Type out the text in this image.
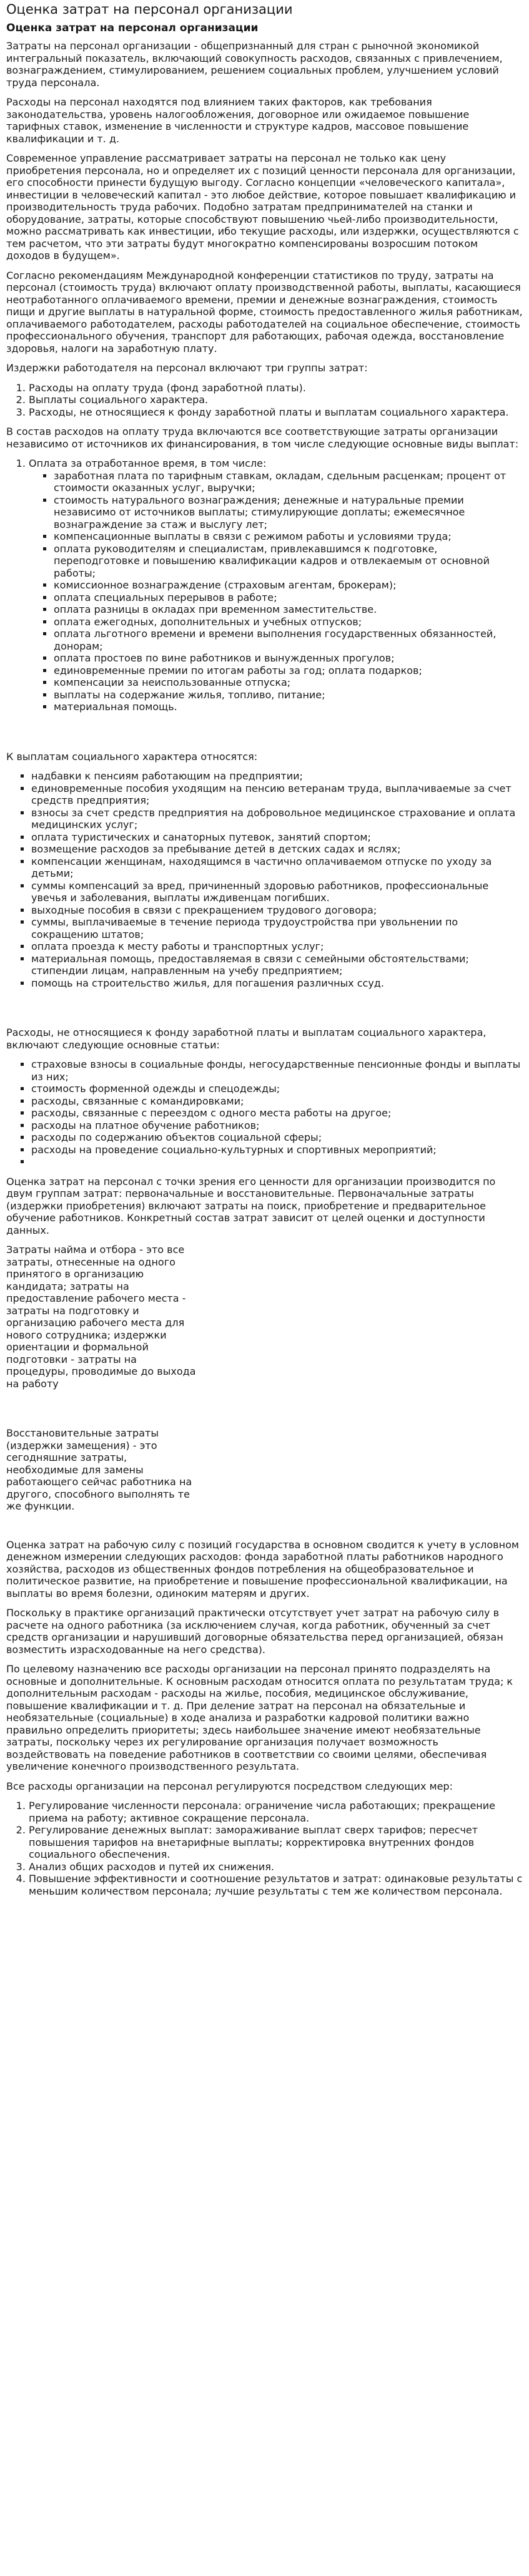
Оценка затрат на персонал организации
Оценка затрат на персонал организации

Затраты на персонал организации - общепризнанный для стран с рыночной экономикой интегральный показатель, включающий совокупность расходов, связанных с привлечением, вознаграждением, стимулированием, решением социальных проблем, улучшением условий труда персонала.

Расходы на персонал находятся под влиянием таких факторов, как требования законодательства, уровень налогообложения, договорное или ожидаемое повышение тарифных ставок, изменение в численности и структуре кадров, массовое повышение квалификации и т. д.

Современное управление рассматривает затраты на персонал не только как цену приобретения персонала, но и определяет их с позиций ценности персонала для организации, его способности принести будущую выгоду. Согласно концепции «человеческого капитала», инвестиции в человеческий капитал - это любое действие, которое повышает квалификацию и производительность труда рабочих. Подобно затратам предпринимателей на станки и оборудование, затраты, которые способствуют повышению чьей-либо производительности, можно рассматривать как инвестиции, ибо текущие расходы, или издержки, осуществляются с тем расчетом, что эти затраты будут многократно компенсированы возросшим потоком доходов в будущем».

Согласно рекомендациям Международной конференции статистиков по труду, затраты на персонал (стоимость труда) включают оплату производственной работы, выплаты, касающиеся неотработанного оплачиваемого времени, премии и денежные вознаграждения, стоимость пищи и другие выплаты в натуральной форме, стоимость предоставленного жилья работникам, оплачиваемого работодателем, расходы работодателей на социальное обеспечение, стоимость профессионального обучения, транспорт для работающих, рабочая одежда, восстановление здоровья, налоги на заработную плату.

Издержки работодателя на персонал включают три группы затрат:

1. Расходы на оплату труда (фонд заработной платы).
2. Выплаты социального характера.
3. Расходы, не относящиеся к фонду заработной платы и выплатам социального характера.

В состав расходов на оплату труда включаются все соответствующие затраты организации независимо от источников их финансирования, в том числе следующие основные виды выплат:

1. Оплата за отработанное время, в том числе:
▪ заработная плата по тарифным ставкам, окладам, сдельным расценкам; процент от стоимости оказанных услуг, выручки;
▪ стоимость натурального вознаграждения; денежные и натуральные премии независимо от источников выплаты; стимулирующие доплаты; ежемесячное вознаграждение за стаж и выслугу лет;
▪ компенсационные выплаты в связи с режимом работы и условиями труда;
▪ оплата руководителям и специалистам, привлекавшимся к подготовке, переподготовке и повышению квалификации кадров и отвлекаемым от основной работы;
▪ комиссионное вознаграждение (страховым агентам, брокерам);
▪ оплата специальных перерывов в работе;
▪ оплата разницы в окладах при временном заместительстве.
▪ оплата ежегодных, дополнительных и учебных отпусков;
▪ оплата льготного времени и времени выполнения государственных обязанностей, донорам;
▪ оплата простоев по вине работников и вынужденных прогулов;
▪ единовременные премии по итогам работы за год; оплата подарков;
▪ компенсации за неиспользованные отпуска;
▪ выплаты на содержание жилья, топливо, питание;
▪ материальная помощь.

К выплатам социального характера относятся:

▪ надбавки к пенсиям работающим на предприятии;
▪ единовременные пособия уходящим на пенсию ветеранам труда, выплачиваемые за счет средств предприятия;
▪ взносы за счет средств предприятия на добровольное медицинское страхование и оплата медицинских услуг;
▪ оплата туристических и санаторных путевок, занятий спортом;
▪ возмещение расходов за пребывание детей в детских садах и яслях;
▪ компенсации женщинам, находящимся в частично оплачиваемом отпуске по уходу за детьми;
▪ суммы компенсаций за вред, причиненный здоровью работников, профессиональные увечья и заболевания, выплаты иждивенцам погибших.
▪ выходные пособия в связи с прекращением трудового договора;
▪ суммы, выплачиваемые в течение периода трудоустройства при увольнении по сокращению штатов;
▪ оплата проезда к месту работы и транспортных услуг;
▪ материальная помощь, предоставляемая в связи с семейными обстоятельствами; стипендии лицам, направленным на учебу предприятием;
▪ помощь на строительство жилья, для погашения различных ссуд.

Расходы, не относящиеся к фонду заработной платы и выплатам социального характера, включают следующие основные статьи:

▪ страховые взносы в социальные фонды, негосударственные пенсионные фонды и выплаты из них;
▪ стоимость форменной одежды и спецодежды;
▪ расходы, связанные с командировками;
▪ расходы, связанные с переездом с одного места работы на другое;
▪ расходы на платное обучение работников;
▪ расходы по содержанию объектов социальной сферы;
▪ расходы на проведение социально-культурных и спортивных мероприятий;
▪

Оценка затрат на персонал с точки зрения его ценности для организации производится по двум группам затрат: первоначальные и восстановительные. Первоначальные затраты (издержки приобретения) включают затраты на поиск, приобретение и предварительное обучение работников. Конкретный состав затрат зависит от целей оценки и доступности данных.

Затраты найма и отбора - это все затраты, отнесенные на одного принятого в организацию кандидата; затраты на предоставление рабочего места - затраты на подготовку и организацию рабочего места для нового сотрудника; издержки ориентации и формальной подготовки - затраты на процедуры, проводимые до выхода на работу

Восстановительные затраты (издержки замещения) - это сегодняшние затраты, необходимые для замены работающего сейчас работника на другого, способного выполнять те же функции.

Оценка затрат на рабочую силу с позиций государства в основном сводится к учету в условном денежном измерении следующих расходов: фонда заработной платы работников народного хозяйства, расходов из общественных фондов потребления на общеобразовательное и политическое развитие, на приобретение и повышение профессиональной квалификации, на выплаты во время болезни, одиноким матерям и других.

Поскольку в практике организаций практически отсутствует учет затрат на рабочую силу в расчете на одного работника (за исключением случая, когда работник, обученный за счет средств организации и нарушивший договорные обязательства перед организацией, обязан возместить израсходованные на него средства).

По целевому назначению все расходы организации на персонал принято подразделять на основные и дополнительные. К основным расходам относится оплата по результатам труда; к дополнительным расходам - расходы на жилье, пособия, медицинское обслуживание, повышение квалификации и т. д. При деление затрат на персонал на обязательные и необязательные (социальные) в ходе анализа и разработки кадровой политики важно правильно определить приоритеты; здесь наибольшее значение имеют необязательные затраты, поскольку через их регулирование организация получает возможность воздействовать на поведение работников в соответствии со своими целями, обеспечивая увеличение конечного производственного результата.

Все расходы организации на персонал регулируются посредством следующих мер:

1. Регулирование численности персонала: ограничение числа работающих; прекращение приема на работу; активное сокращение персонала.
2. Регулирование денежных выплат: замораживание выплат сверх тарифов; пересчет повышения тарифов на внетарифные выплаты; корректировка внутренних фондов социального обеспечения.
3. Анализ общих расходов и путей их снижения.
4. Повышение эффективности и соотношение результатов и затрат: одинаковые результаты с меньшим количеством персонала; лучшие результаты с тем же количеством персонала.
